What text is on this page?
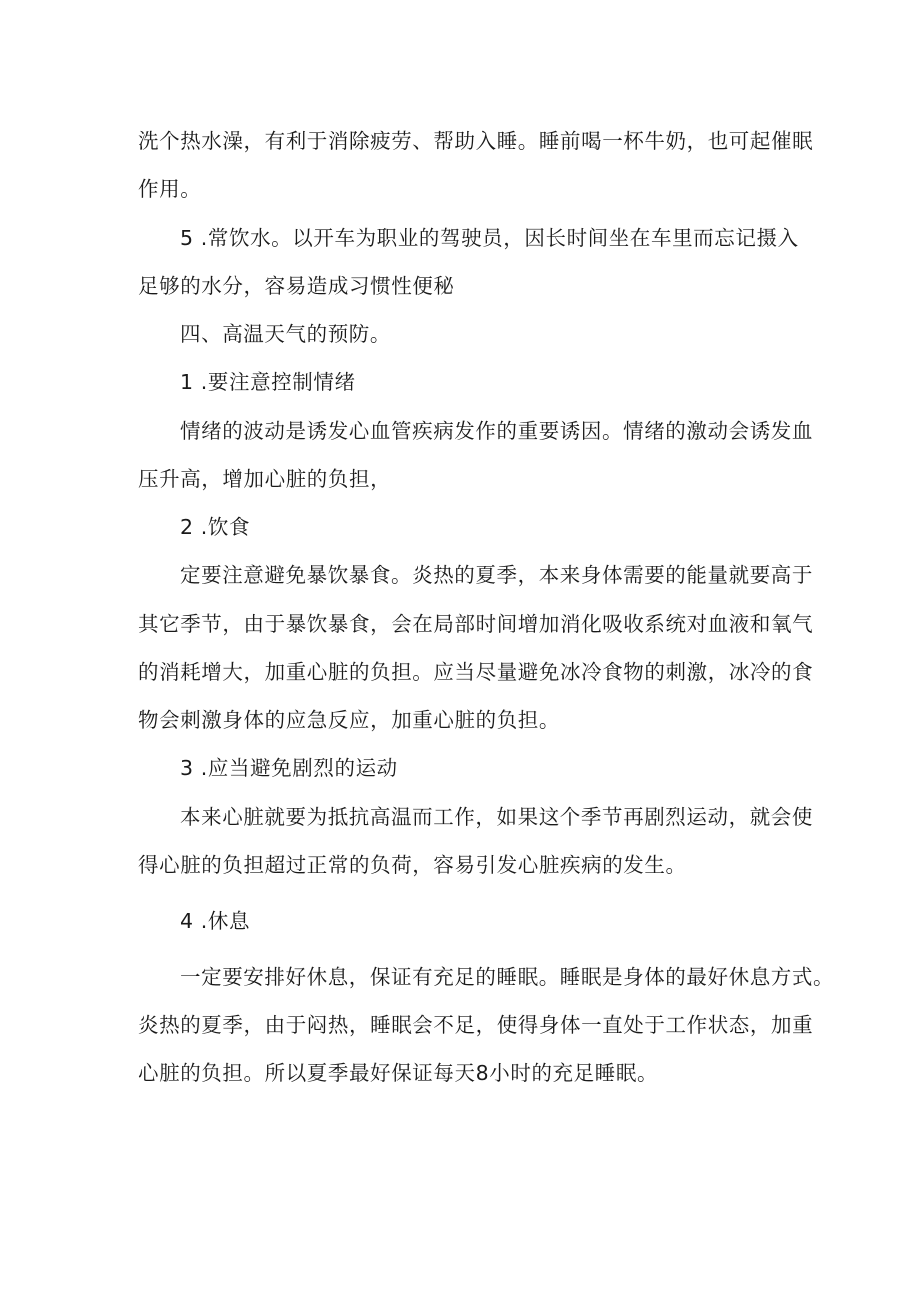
洗个热水澡，有利于消除疲劳、帮助入睡。睡前喝一杯牛奶，也可起催眠
作用。
5 .常饮水。以开车为职业的驾驶员，因长时间坐在车里而忘记摄入
足够的水分，容易造成习惯性便秘
四、高温天气的预防。
1 .要注意控制情绪
情绪的波动是诱发心血管疾病发作的重要诱因。情绪的激动会诱发血
压升高，增加心脏的负担，
2 .饮食
定要注意避免暴饮暴食。炎热的夏季，本来身体需要的能量就要高于
其它季节，由于暴饮暴食，会在局部时间增加消化吸收系统对血液和氧气
的消耗增大，加重心脏的负担。应当尽量避免冰冷食物的刺激，冰冷的食
物会刺激身体的应急反应，加重心脏的负担。
3 .应当避免剧烈的运动
本来心脏就要为抵抗高温而工作，如果这个季节再剧烈运动，就会使
得心脏的负担超过正常的负荷，容易引发心脏疾病的发生。
4 .休息
一定要安排好休息，保证有充足的睡眠。睡眠是身体的最好休息方式。
炎热的夏季，由于闷热，睡眠会不足，使得身体一直处于工作状态，加重
心脏的负担。所以夏季最好保证每天8小时的充足睡眠。
